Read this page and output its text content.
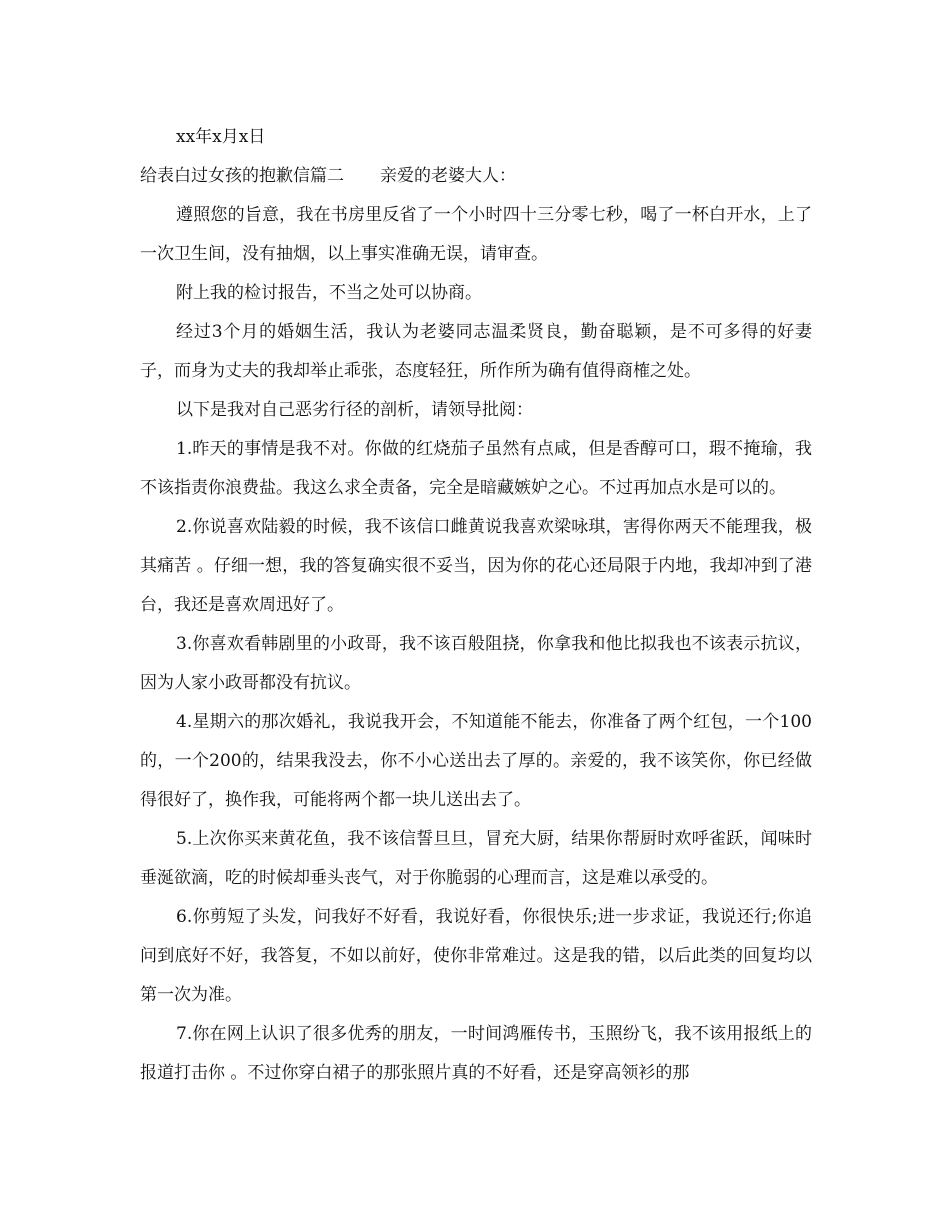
xx年x月x日

给表白过女孩的抱歉信篇二 亲爱的老婆大人：

遵照您的旨意，我在书房里反省了一个小时四十三分零七秒，喝了一杯白开水，上了一次卫生间，没有抽烟，以上事实准确无误，请审查。

附上我的检讨报告，不当之处可以协商。

经过3个月的婚姻生活，我认为老婆同志温柔贤良，勤奋聪颖，是不可多得的好妻子，而身为丈夫的我却举止乖张，态度轻狂，所作所为确有值得商榷之处。

以下是我对自己恶劣行径的剖析，请领导批阅：

1.昨天的事情是我不对。你做的红烧茄子虽然有点咸，但是香醇可口，瑕不掩瑜，我不该指责你浪费盐。我这么求全责备，完全是暗藏嫉妒之心。不过再加点水是可以的。

2.你说喜欢陆毅的时候，我不该信口雌黄说我喜欢梁咏琪，害得你两天不能理我，极其痛苦 。仔细一想，我的答复确实很不妥当，因为你的花心还局限于内地，我却冲到了港台，我还是喜欢周迅好了。

3.你喜欢看韩剧里的小政哥，我不该百般阻挠，你拿我和他比拟我也不该表示抗议，因为人家小政哥都没有抗议。

4.星期六的那次婚礼，我说我开会，不知道能不能去，你准备了两个红包，一个100的，一个200的，结果我没去，你不小心送出去了厚的。亲爱的，我不该笑你，你已经做得很好了，换作我，可能将两个都一块儿送出去了。

5.上次你买来黄花鱼，我不该信誓旦旦，冒充大厨，结果你帮厨时欢呼雀跃，闻味时垂涎欲滴，吃的时候却垂头丧气，对于你脆弱的心理而言，这是难以承受的。

6.你剪短了头发，问我好不好看，我说好看，你很快乐;进一步求证，我说还行;你追问到底好不好，我答复，不如以前好，使你非常难过。这是我的错，以后此类的回复均以第一次为准。

7.你在网上认识了很多优秀的朋友，一时间鸿雁传书，玉照纷飞，我不该用报纸上的报道打击你 。不过你穿白裙子的那张照片真的不好看，还是穿高领衫的那
